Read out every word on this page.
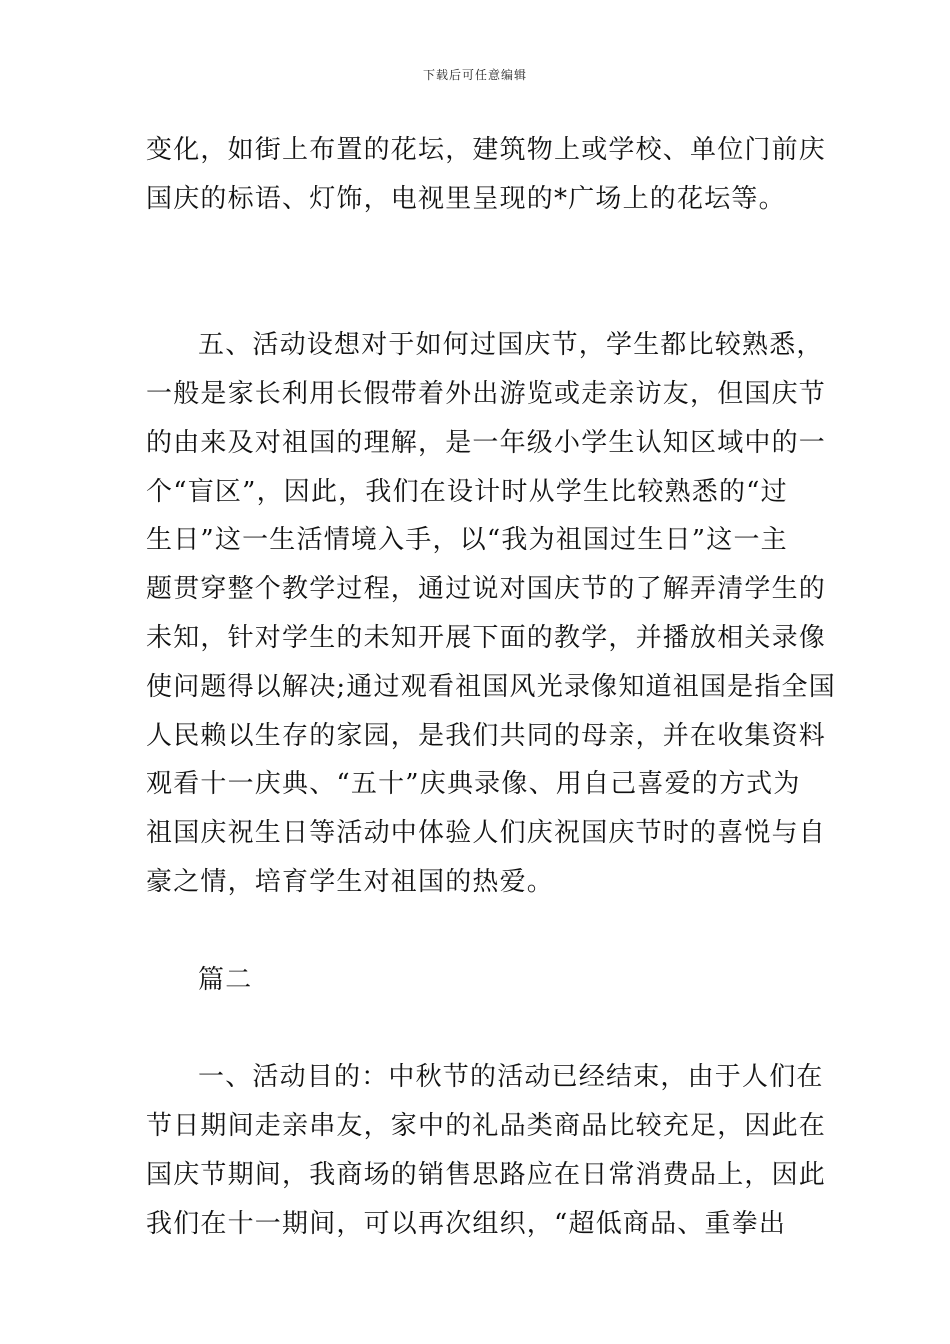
下载后可任意编辑
变化，如街上布置的花坛，建筑物上或学校、单位门前庆
国庆的标语、灯饰，电视里呈现的*广场上的花坛等。
五、活动设想对于如何过国庆节，学生都比较熟悉，
一般是家长利用长假带着外出游览或走亲访友，但国庆节
的由来及对祖国的理解，是一年级小学生认知区域中的一
个“盲区”，因此，我们在设计时从学生比较熟悉的“过
生日”这一生活情境入手，以“我为祖国过生日”这一主
题贯穿整个教学过程，通过说对国庆节的了解弄清学生的
未知，针对学生的未知开展下面的教学，并播放相关录像
使问题得以解决;通过观看祖国风光录像知道祖国是指全国
人民赖以生存的家园，是我们共同的母亲，并在收集资料
观看十一庆典、“五十”庆典录像、用自己喜爱的方式为
祖国庆祝生日等活动中体验人们庆祝国庆节时的喜悦与自
豪之情，培育学生对祖国的热爱。
篇二
一、活动目的：中秋节的活动已经结束，由于人们在
节日期间走亲串友，家中的礼品类商品比较充足，因此在
国庆节期间，我商场的销售思路应在日常消费品上，因此
我们在十一期间，可以再次组织，“超低商品、重拳出
